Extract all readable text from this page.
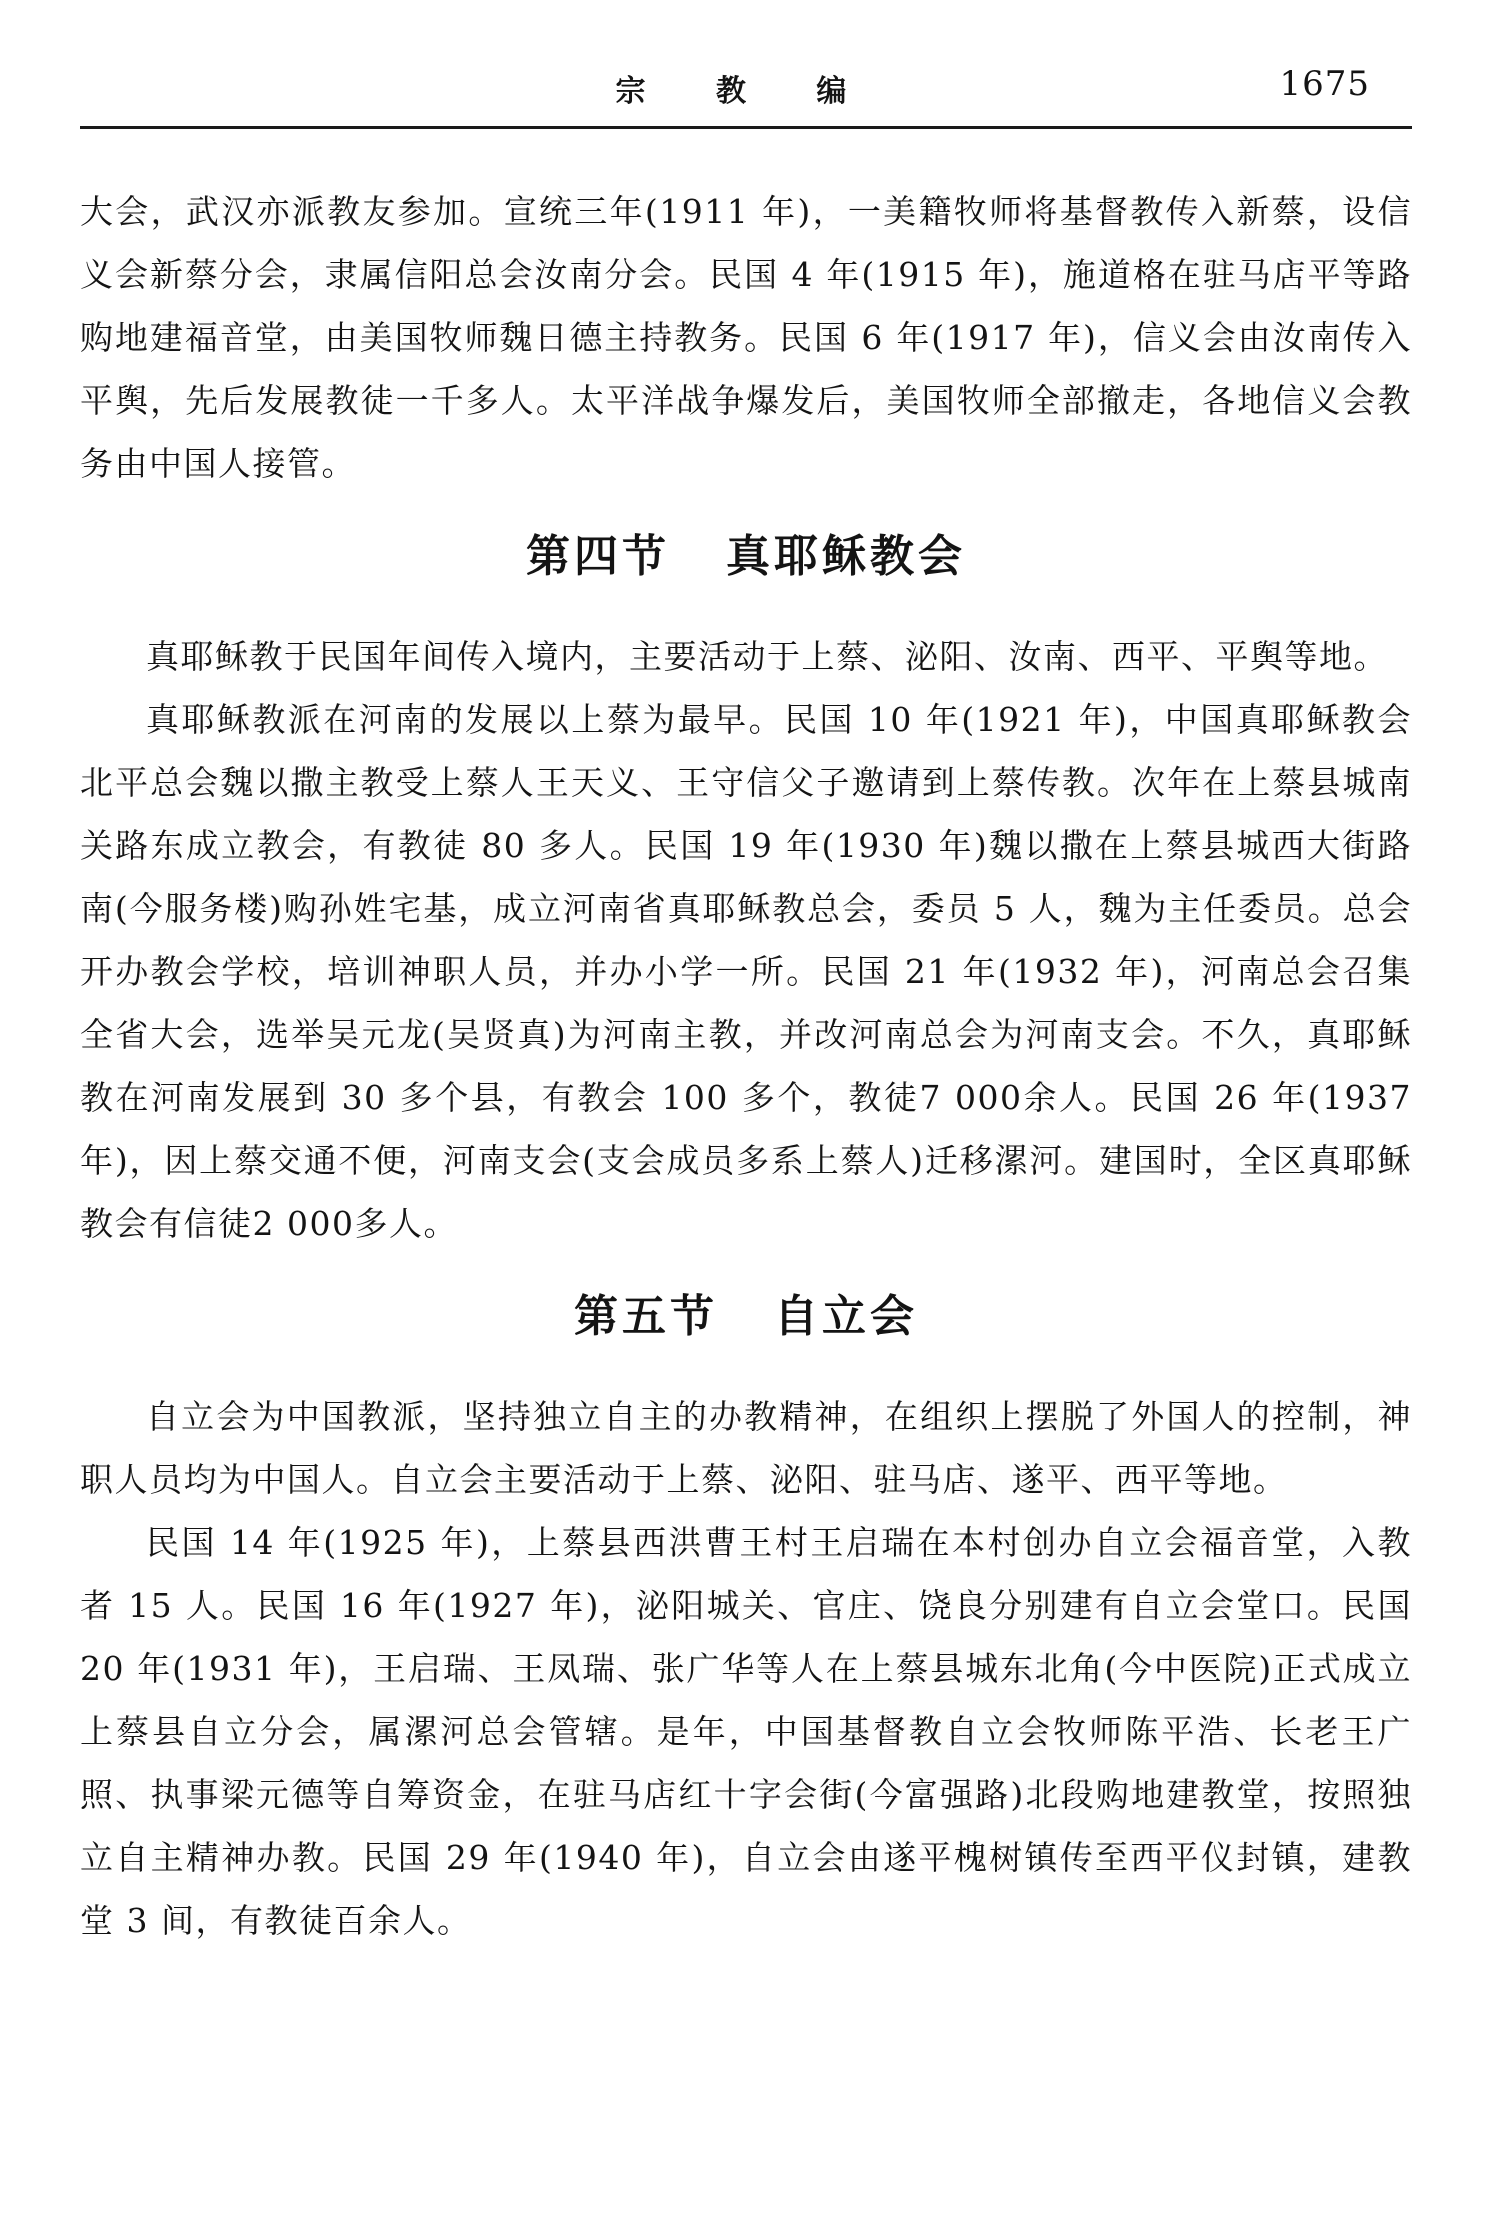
宗 教 编	1675

大会，武汉亦派教友参加。宣统三年(1911 年)，一美籍牧师将基督教传入新蔡，设信义会新蔡分会，隶属信阳总会汝南分会。民国 4 年(1915 年)，施道格在驻马店平等路购地建福音堂，由美国牧师魏日德主持教务。民国 6 年(1917 年)，信义会由汝南传入平舆，先后发展教徒一千多人。太平洋战争爆发后，美国牧师全部撤走，各地信义会教务由中国人接管。

第四节 真耶稣教会

真耶稣教于民国年间传入境内，主要活动于上蔡、泌阳、汝南、西平、平舆等地。

真耶稣教派在河南的发展以上蔡为最早。民国 10 年(1921 年)，中国真耶稣教会北平总会魏以撒主教受上蔡人王天义、王守信父子邀请到上蔡传教。次年在上蔡县城南关路东成立教会，有教徒 80 多人。民国 19 年(1930 年)魏以撒在上蔡县城西大街路南(今服务楼)购孙姓宅基，成立河南省真耶稣教总会，委员 5 人，魏为主任委员。总会开办教会学校，培训神职人员，并办小学一所。民国 21 年(1932 年)，河南总会召集全省大会，选举吴元龙(吴贤真)为河南主教，并改河南总会为河南支会。不久，真耶稣教在河南发展到 30 多个县，有教会 100 多个，教徒7 000余人。民国 26 年(1937 年)，因上蔡交通不便，河南支会(支会成员多系上蔡人)迁移漯河。建国时，全区真耶稣教会有信徒2 000多人。

第五节 自立会

自立会为中国教派，坚持独立自主的办教精神，在组织上摆脱了外国人的控制，神职人员均为中国人。自立会主要活动于上蔡、泌阳、驻马店、遂平、西平等地。

民国 14 年(1925 年)，上蔡县西洪曹王村王启瑞在本村创办自立会福音堂，入教者 15 人。民国 16 年(1927 年)，泌阳城关、官庄、饶良分别建有自立会堂口。民国 20 年(1931 年)，王启瑞、王凤瑞、张广华等人在上蔡县城东北角(今中医院)正式成立上蔡县自立分会，属漯河总会管辖。是年，中国基督教自立会牧师陈平浩、长老王广照、执事梁元德等自筹资金，在驻马店红十字会街(今富强路)北段购地建教堂，按照独立自主精神办教。民国 29 年(1940 年)，自立会由遂平槐树镇传至西平仪封镇，建教堂 3 间，有教徒百余人。
